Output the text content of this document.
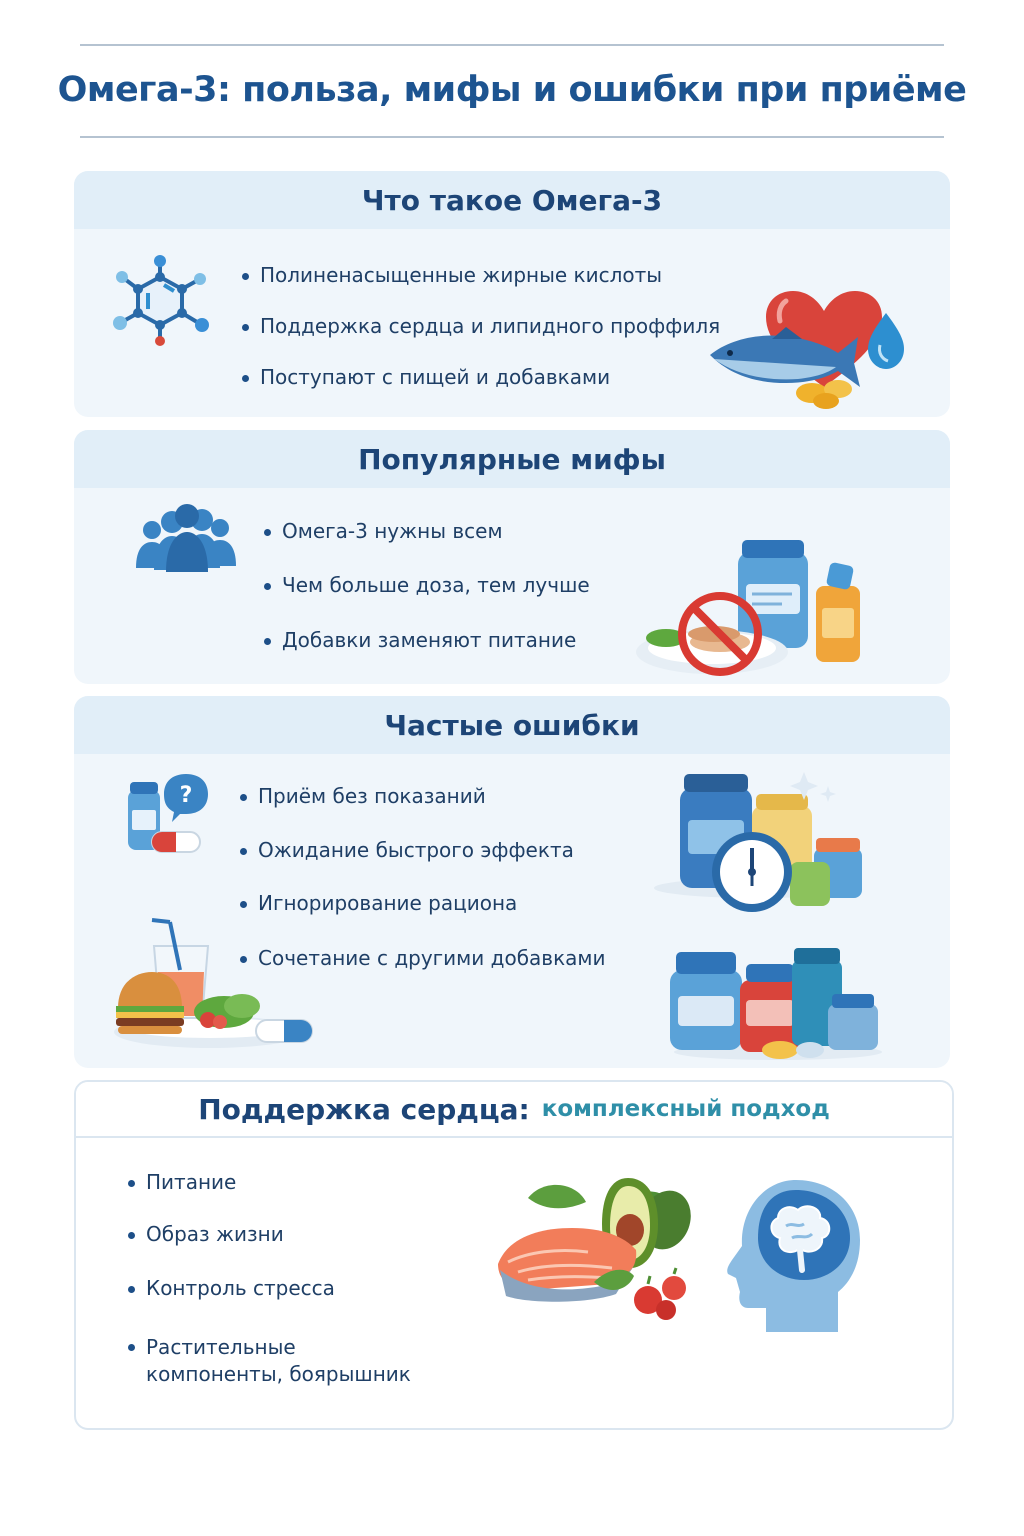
Омега-3: польза, мифы и ошибки при приёме
Что такое Омега-3
Полиненасыщенные жирные кислоты
Поддержка сердца и липидного проффиля
Поступают с пищей и добавками
Популярные мифы
Омега-3 нужны всем
Чем больше доза, тем лучше
Добавки заменяют питание
Частые ошибки
?	Приём без показаний
Ожидание быстрого эффекта
Игнорирование рациона
Сочетание с другими добавками
Поддержка сердца: комплексный подход
Питание
Образ жизни
Контроль стресса
Растительные компоненты, боярышник
